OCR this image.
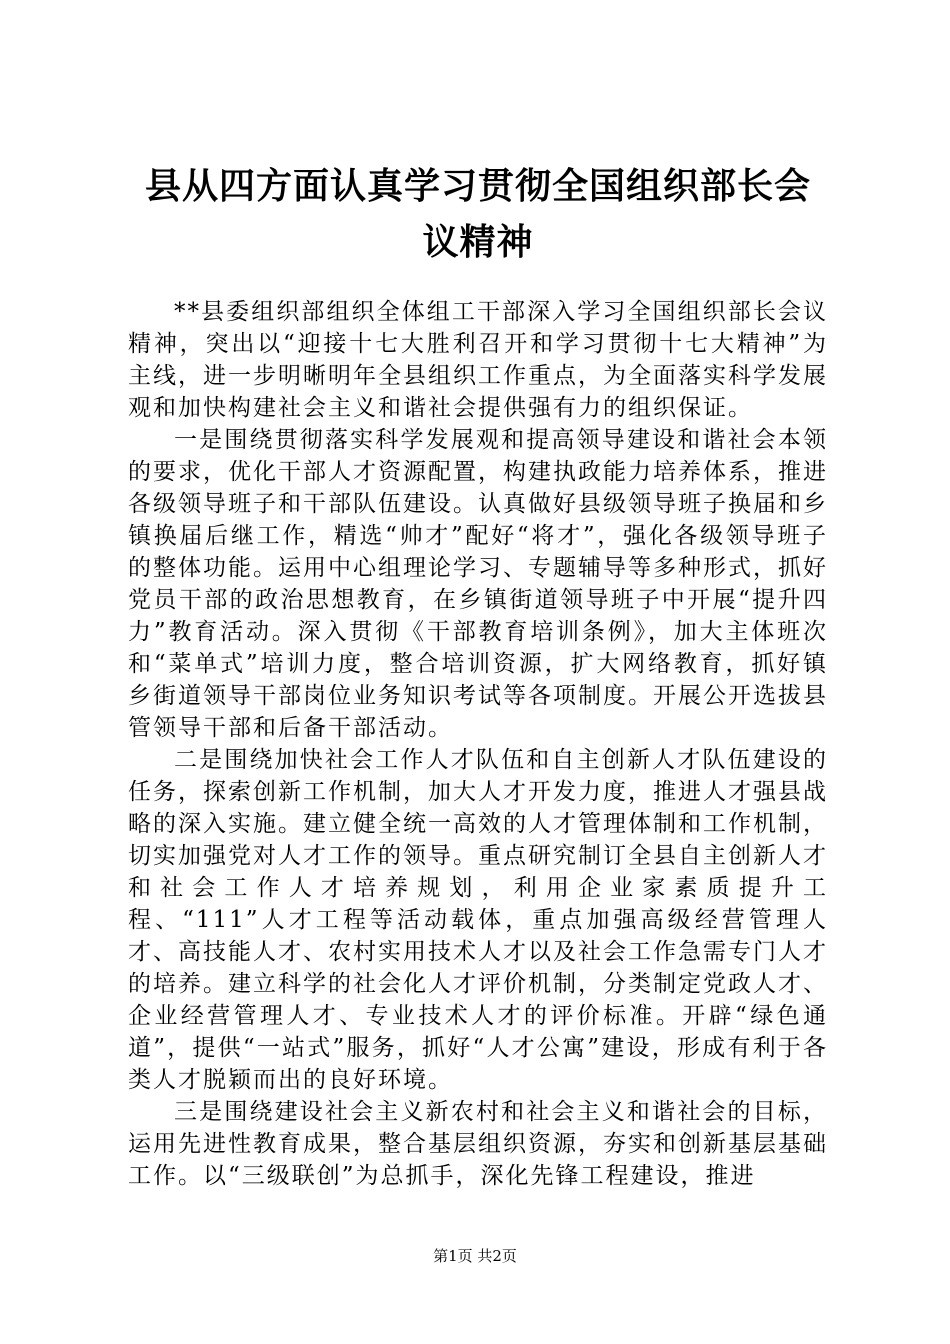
县从四方面认真学习贯彻全国组织部长会议精神

**县委组织部组织全体组工干部深入学习全国组织部长会议精神，突出以“迎接十七大胜利召开和学习贯彻十七大精神”为主线，进一步明晰明年全县组织工作重点，为全面落实科学发展观和加快构建社会主义和谐社会提供强有力的组织保证。

一是围绕贯彻落实科学发展观和提高领导建设和谐社会本领的要求，优化干部人才资源配置，构建执政能力培养体系，推进各级领导班子和干部队伍建设。认真做好县级领导班子换届和乡镇换届后继工作，精选“帅才”配好“将才”，强化各级领导班子的整体功能。运用中心组理论学习、专题辅导等多种形式，抓好党员干部的政治思想教育，在乡镇街道领导班子中开展“提升四力”教育活动。深入贯彻《干部教育培训条例》，加大主体班次和“菜单式”培训力度，整合培训资源，扩大网络教育，抓好镇乡街道领导干部岗位业务知识考试等各项制度。开展公开选拔县管领导干部和后备干部活动。

二是围绕加快社会工作人才队伍和自主创新人才队伍建设的任务，探索创新工作机制，加大人才开发力度，推进人才强县战略的深入实施。建立健全统一高效的人才管理体制和工作机制，切实加强党对人才工作的领导。重点研究制订全县自主创新人才和社会工作人才培养规划，利用企业家素质提升工程、“111”人才工程等活动载体，重点加强高级经营管理人才、高技能人才、农村实用技术人才以及社会工作急需专门人才的培养。建立科学的社会化人才评价机制，分类制定党政人才、企业经营管理人才、专业技术人才的评价标准。开辟“绿色通道”，提供“一站式”服务，抓好“人才公寓”建设，形成有利于各类人才脱颖而出的良好环境。

三是围绕建设社会主义新农村和社会主义和谐社会的目标，运用先进性教育成果，整合基层组织资源，夯实和创新基层基础工作。以“三级联创”为总抓手，深化先锋工程建设，推进

第1页 共2页
